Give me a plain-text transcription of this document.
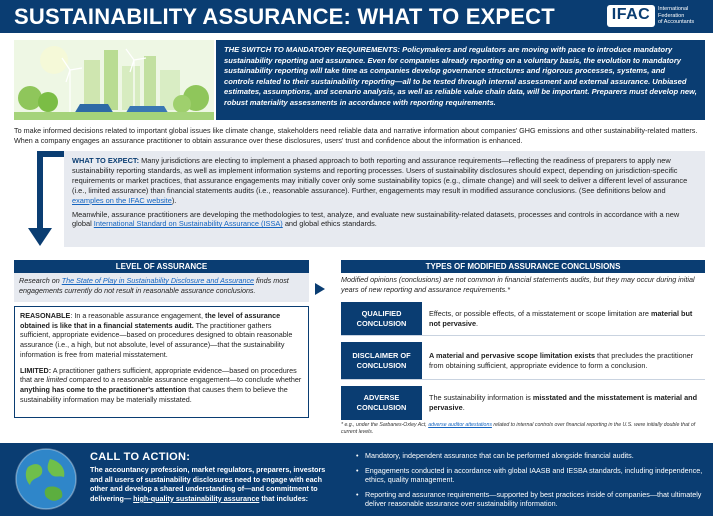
SUSTAINABILITY ASSURANCE: WHAT TO EXPECT	IFAC	International
Federation
of Accountants
THE SWITCH TO MANDATORY REQUIREMENTS: Policymakers and regulators are moving with pace to introduce mandatory sustainability reporting and assurance. Even for companies already reporting on a voluntary basis, the evolution to mandatory sustainability reporting will take time as companies develop governance structures and rigorous processes, systems, and controls related to their sustainability reporting—all to be tested through internal assessment and external assurance. Unbiased estimates, assumptions, and scenario analysis, as well as reliable value chain data, will be important. Preparers must develop new, robust materiality assessments in accordance with reporting requirements.
To make informed decisions related to important global issues like climate change, stakeholders need reliable data and narrative information about companies' GHG emissions and other sustainability-related matters. When a company engages an assurance practitioner to obtain assurance over these disclosures, users' trust and confidence about the information is enhanced.

WHAT TO EXPECT: Many jurisdictions are electing to implement a phased approach to both reporting and assurance requirements—reflecting the readiness of preparers to apply new sustainability reporting standards, as well as implement information systems and reporting processes. Users of sustainability disclosures should expect, depending on jurisdiction-specific requirements or market practices, that assurance engagements may initially cover only some sustainability topics (e.g., climate change) and will seek to deliver a different level of assurance (i.e., limited assurance) than financial statements audits (i.e., reasonable assurance). Further, engagements may result in modified assurance conclusions. (See definitions below and examples on the IFAC website).

Meanwhile, assurance practitioners are developing the methodologies to test, analyze, and evaluate new sustainability-related datasets, processes and controls in accordance with a new global International Standard on Sustainability Assurance (ISSA) and global ethics standards.

LEVEL OF ASSURANCE
Research on The State of Play in Sustainability Disclosure and Assurance finds most engagements currently do not result in reasonable assurance conclusions.

REASONABLE: In a reasonable assurance engagement, the level of assurance obtained is like that in a financial statements audit. The practitioner gathers sufficient, appropriate evidence—based on procedures designed to obtain reasonable assurance (i.e., a high, but not absolute, level of assurance)—that the sustainability information is free from material misstatement.

LIMITED: A practitioner gathers sufficient, appropriate evidence—based on procedures that are limited compared to a reasonable assurance engagement—to conclude whether anything has come to the practitioner's attention that causes them to believe the sustainability information may be materially misstated.

TYPES OF MODIFIED ASSURANCE CONCLUSIONS
Modified opinions (conclusions) are not common in financial statements audits, but they may occur during initial years of new reporting and assurance requirements.*
QUALIFIED CONCLUSION
Effects, or possible effects, of a misstatement or scope limitation are material but not pervasive.
DISCLAIMER OF CONCLUSION
A material and pervasive scope limitation exists that precludes the practitioner from obtaining sufficient, appropriate evidence to form a conclusion.
ADVERSE CONCLUSION
The sustainability information is misstated and the misstatement is material and pervasive.
* e.g., under the Sarbanes-Oxley Act, adverse auditor attestations related to internal controls over financial reporting in the U.S. were initially double that of current levels.
CALL TO ACTION:
The accountancy profession, market regulators, preparers, investors and all users of sustainability disclosures need to engage with each other and develop a shared understanding of—and commitment to delivering— high-quality sustainability assurance that includes:
• Mandatory, independent assurance that can be performed alongside financial audits.
• Engagements conducted in accordance with global IAASB and IESBA standards, including independence, ethics, quality management.
• Reporting and assurance requirements—supported by best practices inside of companies—that ultimately deliver reasonable assurance over sustainability information.
